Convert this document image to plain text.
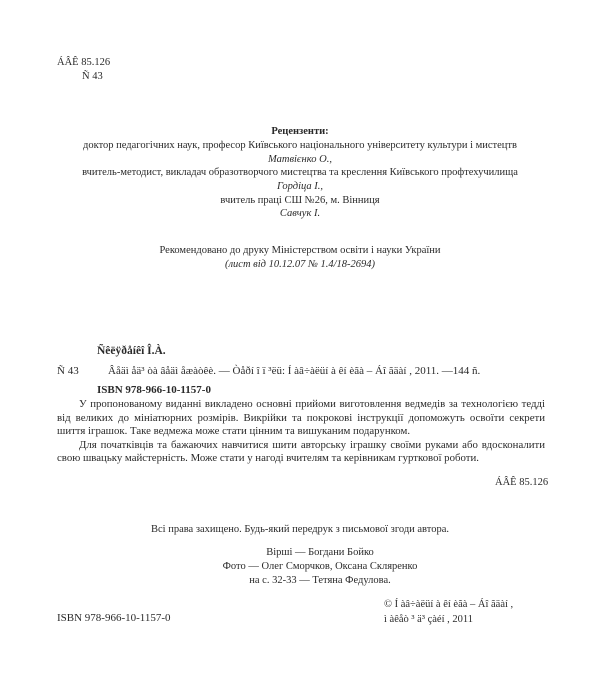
ÁÂÊ 85.126
Ñ 43
Рецензенти:
доктор педагогічних наук, професор Київського національного університету культури і мистецтв
Матвієнко О.,
вчитель-методист, викладач образотворчого мистецтва та креслення Київського профтехучилища
Гордіца І.,
вчитель праці СШ №26, м. Вінниця
Савчук І.
Рекомендовано до друку Міністерством освіти і науки України
(лист від 10.12.07 № 1.4/18-2694)
Ñêëÿðåíêî Î.À.
Ñ 43	Âåäì åä³ òà âåäì åæàòêè. — Òåðí î ï ³ëü: Í àâ÷àëüí à êí èãà – Áî ãäàí , 2011. —144 ñ.
ISBN 978-966-10-1157-0

У пропонованому виданні викладено основні прийоми виготовлення ведмедів за технологією тедді від великих до мініатюрних розмірів. Викрійки та покрокові інструкції допоможуть освоїти секрети шиття іграшок. Таке ведмежа може стати цінним та вишуканим подарунком.

Для початківців та бажаючих навчитися шити авторську іграшку своїми руками або вдосконалити свою швацьку майстерність. Може стати у нагоді вчителям та керівникам гурткової роботи.

ÁÂÊ 85.126
Всі права захищено. Будь-який передрук з письмової згоди автора.
Вірші — Богдани Бойко
Фото — Олег Сморчков, Оксана Скляренко
на с. 32-33 — Тетяна Федулова.
ISBN 978-966-10-1157-0
© Í àâ÷àëüí à êí èãà – Áî ãäàí ,
ì àêåò ³ ä³ çàéí , 2011
